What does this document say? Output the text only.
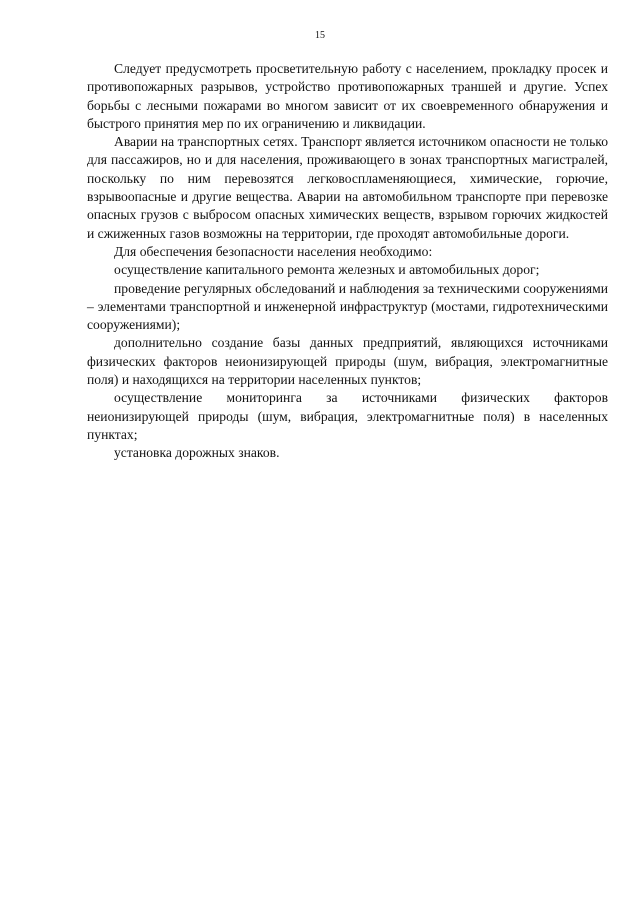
15

Следует предусмотреть просветительную работу с населением, прокладку просек и противопожарных разрывов, устройство противопожарных траншей и другие. Успех борьбы с лесными пожарами во многом зависит от их своевременного обнаружения и быстрого принятия мер по их ограничению и ликвидации.

Аварии на транспортных сетях. Транспорт является источником опасности не только для пассажиров, но и для населения, проживающего в зонах транспортных магистралей, поскольку по ним перевозятся легковоспламеняющиеся, химические, горючие, взрывоопасные и другие вещества. Аварии на автомобильном транспорте при перевозке опасных грузов с выбросом опасных химических веществ, взрывом горючих жидкостей и сжиженных газов возможны на территории, где проходят автомобильные дороги.

Для обеспечения безопасности населения необходимо:

осуществление капитального ремонта железных и автомобильных дорог;

проведение регулярных обследований и наблюдения за техническими сооружениями – элементами транспортной и инженерной инфраструктур (мостами, гидротехническими сооружениями);

дополнительно создание базы данных предприятий, являющихся источниками физических факторов неионизирующей природы (шум, вибрация, электромагнитные поля) и находящихся на территории населенных пунктов;

осуществление мониторинга за источниками физических факторов неионизирующей природы (шум, вибрация, электромагнитные поля) в населенных пунктах;

установка дорожных знаков.
